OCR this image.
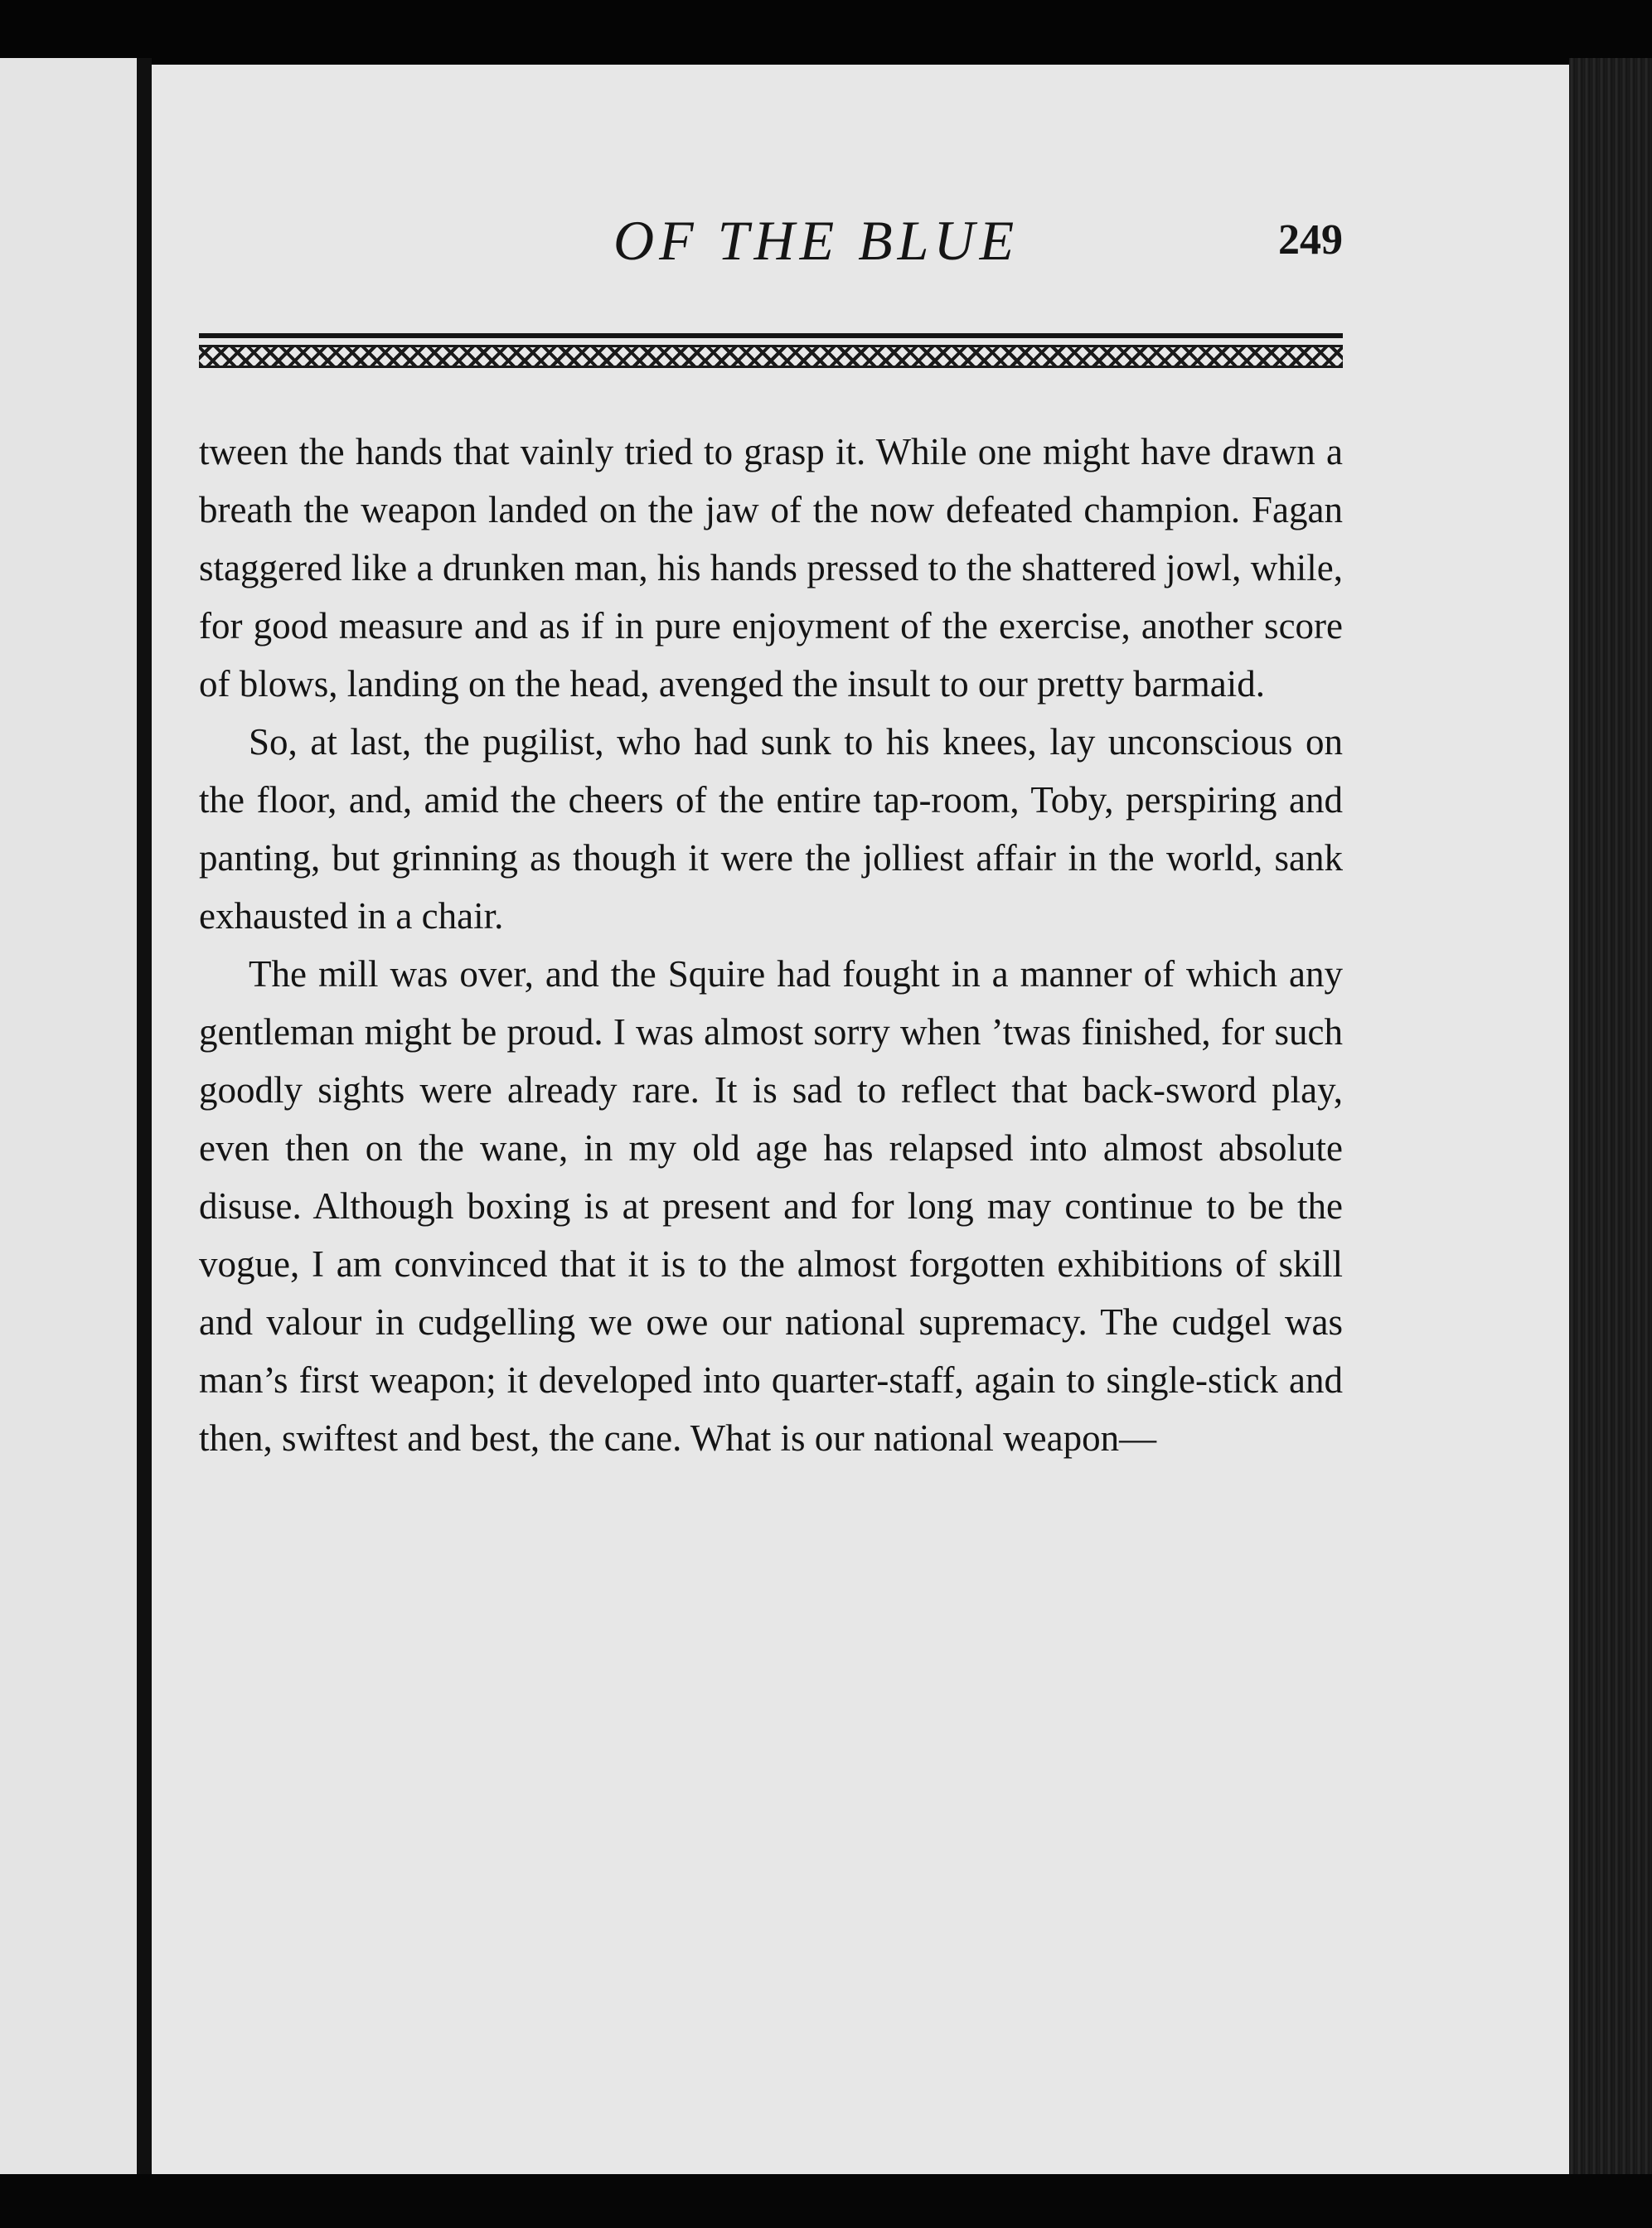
OF THE BLUE	249

tween the hands that vainly tried to grasp it. While one might have drawn a breath the weapon landed on the jaw of the now defeated champion. Fagan staggered like a drunken man, his hands pressed to the shattered jowl, while, for good measure and as if in pure enjoyment of the exercise, another score of blows, landing on the head, avenged the insult to our pretty barmaid.

So, at last, the pugilist, who had sunk to his knees, lay unconscious on the floor, and, amid the cheers of the entire tap-room, Toby, perspiring and panting, but grinning as though it were the jolliest affair in the world, sank exhausted in a chair.

The mill was over, and the Squire had fought in a manner of which any gentleman might be proud. I was almost sorry when ’twas finished, for such goodly sights were already rare. It is sad to reflect that back-sword play, even then on the wane, in my old age has relapsed into almost absolute disuse. Although boxing is at present and for long may continue to be the vogue, I am convinced that it is to the almost forgotten exhibitions of skill and valour in cudgelling we owe our national supremacy. The cudgel was man’s first weapon; it developed into quarter-staff, again to single-stick and then, swiftest and best, the cane. What is our national weapon—
